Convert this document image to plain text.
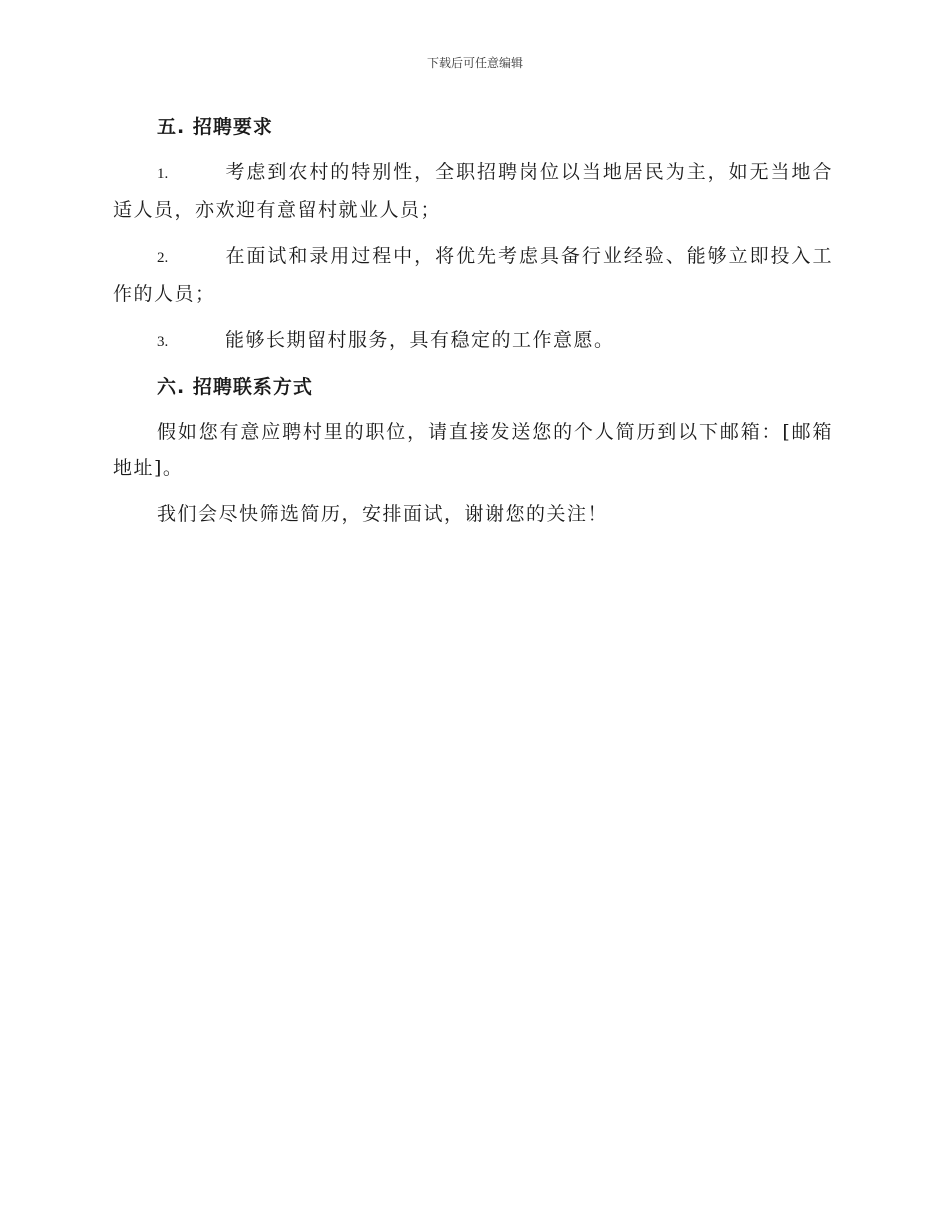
下载后可任意编辑
五. 招聘要求

1.	考虑到农村的特别性，全职招聘岗位以当地居民为主，如无当地合适人员，亦欢迎有意留村就业人员；

2.	在面试和录用过程中，将优先考虑具备行业经验、能够立即投入工作的人员；

3.	能够长期留村服务，具有稳定的工作意愿。

六. 招聘联系方式

假如您有意应聘村里的职位，请直接发送您的个人简历到以下邮箱：[邮箱地址]。

我们会尽快筛选简历，安排面试，谢谢您的关注！
